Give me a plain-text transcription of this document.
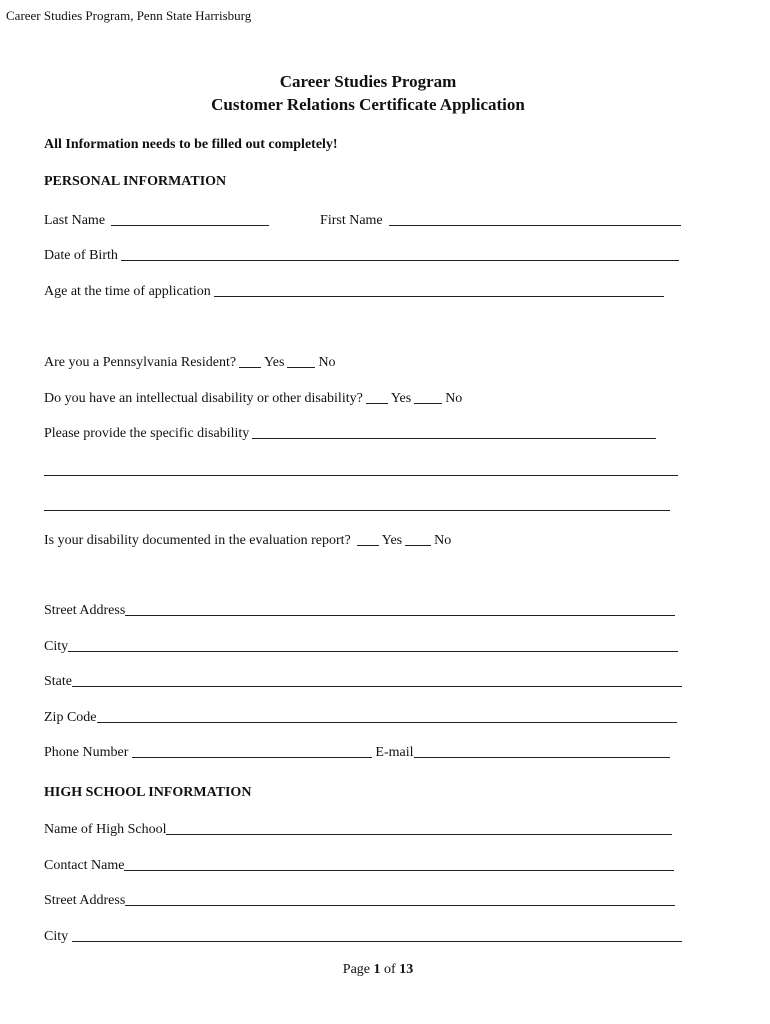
Career Studies Program, Penn State Harrisburg
Career Studies Program
Customer Relations Certificate Application
All Information needs to be filled out completely!
PERSONAL INFORMATION
Last Name	First Name
Date of Birth
Age at the time of application
Are you a Pennsylvania Resident? Yes No
Do you have an intellectual disability or other disability? Yes No
Please provide the specific disability
Is your disability documented in the evaluation report? Yes No
Street Address
City
State
Zip Code
Phone Number	E-mail
HIGH SCHOOL INFORMATION
Name of High School
Contact Name
Street Address
City
Page 1 of 13
